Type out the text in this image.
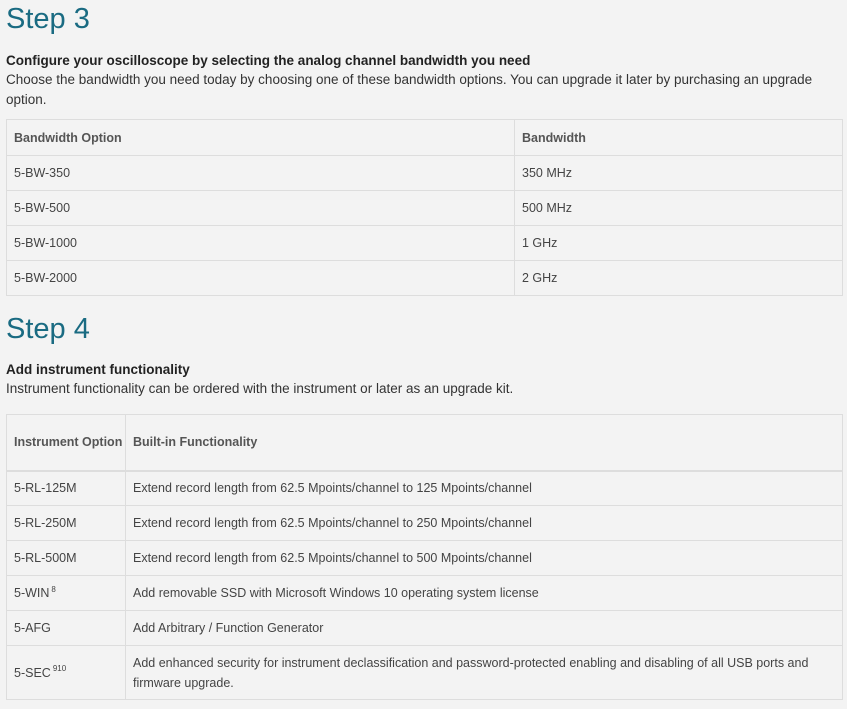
Step 3

Configure your oscilloscope by selecting the analog channel bandwidth you need

Choose the bandwidth you need today by choosing one of these bandwidth options. You can upgrade it later by purchasing an upgrade option.

Bandwidth Option	Bandwidth
5-BW-350	350 MHz
5-BW-500	500 MHz
5-BW-1000	1 GHz
5-BW-2000	2 GHz
Step 4

Add instrument functionality

Instrument functionality can be ordered with the instrument or later as an upgrade kit.

Instrument Option	Built-in Functionality
5-RL-125M	Extend record length from 62.5 Mpoints/channel to 125 Mpoints/channel
5-RL-250M	Extend record length from 62.5 Mpoints/channel to 250 Mpoints/channel
5-RL-500M	Extend record length from 62.5 Mpoints/channel to 500 Mpoints/channel
5-WIN $^8$	Add removable SSD with Microsoft Windows 10 operating system license
5-AFG	Add Arbitrary / Function Generator
5-SEC $^{910}$	Add enhanced security for instrument declassification and password-protected enabling and disabling of all USB ports and firmware upgrade.
